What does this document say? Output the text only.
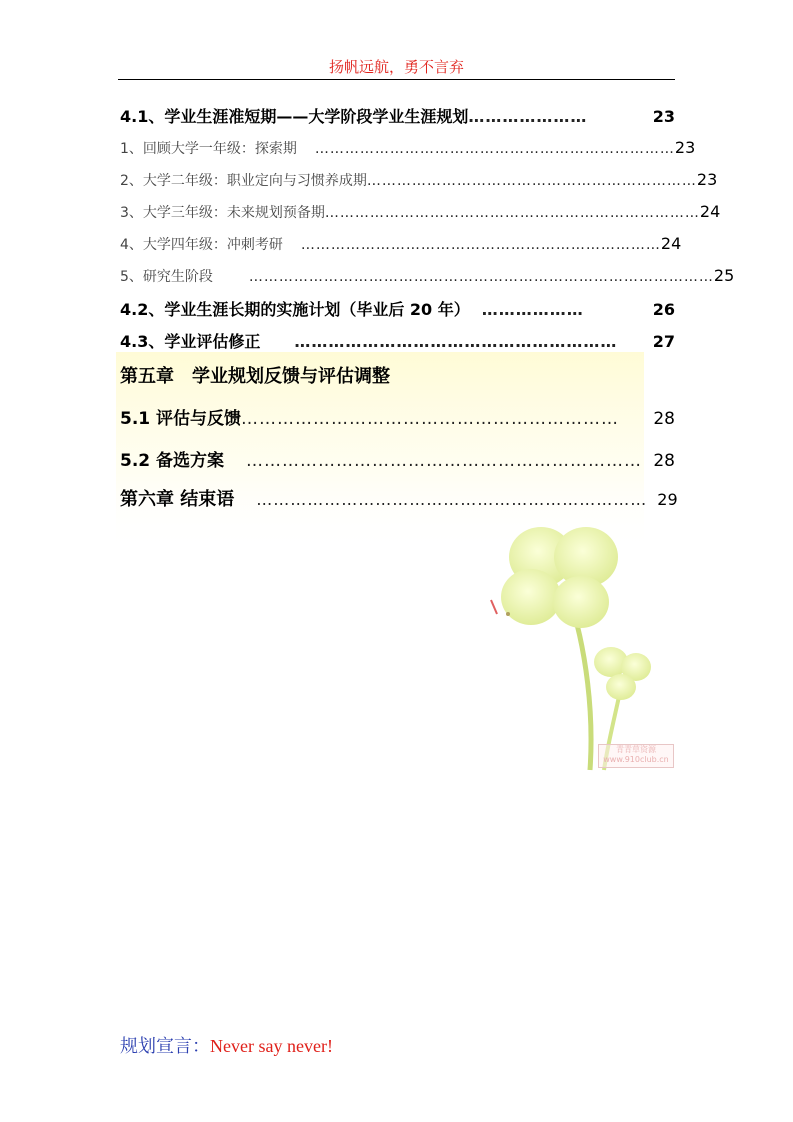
扬帆远航，勇不言弃
青青草资源
www.910club.cn
4.1、学业生涯准短期——大学阶段学业生涯规划 …………………	23
1、回顾大学一年级：探索期 ……………………………………………………………… 23
2、大学二年级：职业定向与习惯养成期 ………………………………………………………… 23
3、大学三年级：未来规划预备期 ………………………………………………………………… 24
4、大学四年级：冲刺考研 ……………………………………………………………… 24
5、研究生阶段	………………………………………………………………………………… 25
4.2、学业生涯长期的实施计划（毕业后 20 年） ………………	26
4.3、学业评估修正 …………………………………………………	27
第五章　学业规划反馈与评估调整
5.1 评估与反馈 ………………………………………………………	28
5.2 备选方案 ………………………………………………………… 28
第六章 结束语 …………………………………………………………… 29
规划宣言：Never say never!
